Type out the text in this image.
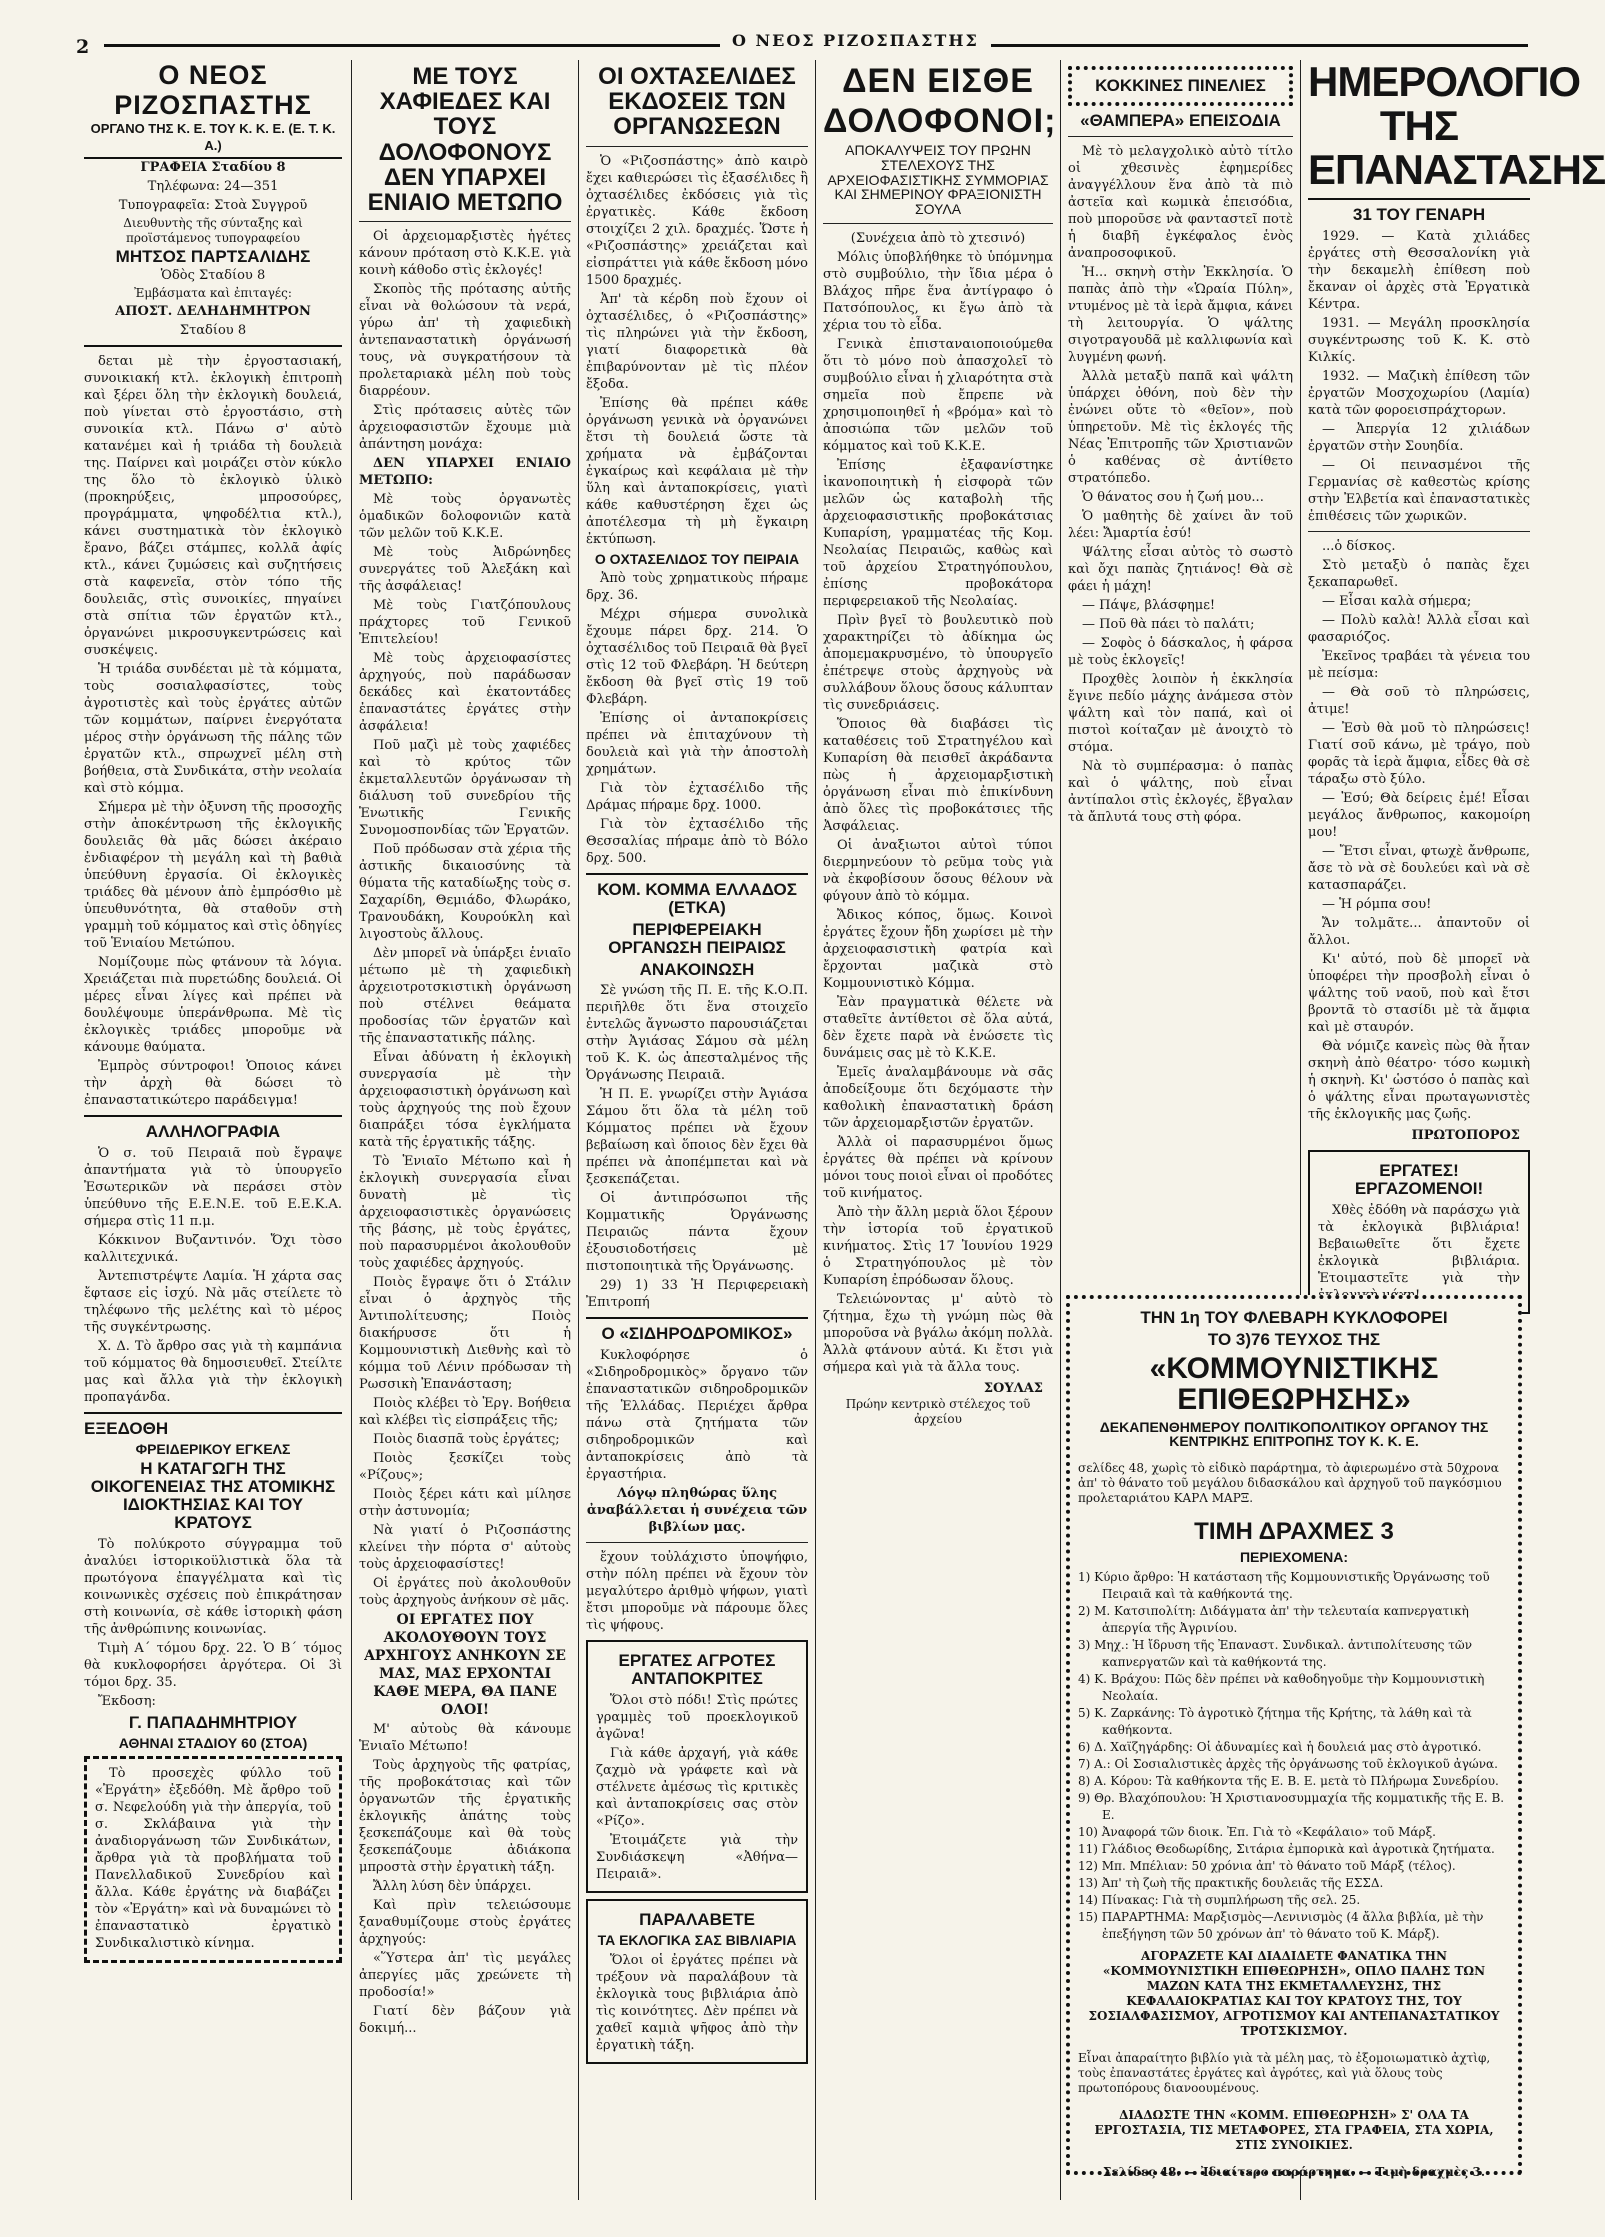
2	Ο ΝΕΟΣ ΡΙΖΟΣΠΑΣΤΗΣ
Ο ΝΕΟΣ ΡΙΖΟΣΠΑΣΤΗΣ
ΟΡΓΑΝΟ ΤΗΣ Κ. Ε. ΤΟΥ Κ. Κ. Ε. (Ε. Τ. Κ. Α.)

ΓΡΑΦΕΙΑ Σταδίου 8

Τηλέφωνα: 24—351

Τυπογραφεῖα: Στοὰ Συγγροῦ

Διευθυντὴς τῆς σύνταξης καὶ προϊστάμενος τυπογραφείου

ΜΗΤΣΟΣ ΠΑΡΤΣΑΛΙΔΗΣ

Ὁδὸς Σταδίου 8

Ἐμβάσματα καὶ ἐπιταγές:

ΑΠΟΣΤ. ΔΕΛΗΔΗΜΗΤΡΟΝ

Σταδίου 8

δεται μὲ τὴν ἐργοστασιακή, συνοικιακή κτλ. ἐκλογικὴ ἐπιτροπὴ καὶ ξέρει ὅλη τὴν ἐκλογικὴ δουλειά, ποὺ γίνεται στὸ ἐργοστάσιο, στὴ συνοικία κτλ. Πάνω σ' αὐτὸ κατανέμει καὶ ἡ τριάδα τὴ δουλειὰ της. Παίρνει καὶ μοιράζει στὸν κύκλο της ὅλο τὸ ἐκλογικὸ ὑλικὸ (προκηρύξεις, μπροσούρες, προγράμματα, ψηφοδέλτια κτλ.), κάνει συστηματικὰ τὸν ἐκλογικὸ ἔρανο, βάζει στάμπες, κολλᾶ ἀφίς κτλ., κάνει ζυμώσεις καὶ συζητήσεις στὰ καφενεῖα, στὸν τόπο τῆς δουλειᾶς, στὶς συνοικίες, πηγαίνει στὰ σπίτια τῶν ἐργατῶν κτλ., ὀργανώνει μικροσυγκεντρώσεις καὶ συσκέψεις.

Ἡ τριάδα συνδέεται μὲ τὰ κόμματα, τοὺς σοσιαλφασίστες, τοὺς ἀγροτιστὲς καὶ τοὺς ἐργάτες αὐτῶν τῶν κομμάτων, παίρνει ἐνεργότατα μέρος στὴν ὀργάνωση τῆς πάλης τῶν ἐργατῶν κτλ., σπρωχνεῖ μέλη στὴ βοήθεια, στὰ Συνδικάτα, στὴν νεολαία καὶ στὸ κόμμα.

Σήμερα μὲ τὴν ὀξυνση τῆς προσοχῆς στὴν ἀποκέντρωση τῆς ἐκλογικῆς δουλειᾶς θὰ μᾶς δώσει ἀκέραιο ἐνδιαφέρον τὴ μεγάλη καὶ τὴ βαθιὰ ὑπεύθυνη ἐργασία. Οἱ ἐκλογικὲς τριάδες θὰ μένουν ἀπὸ ἐμπρόσθιο μὲ ὑπευθυνότητα, θὰ σταθοῦν στὴ γραμμὴ τοῦ κόμματος καὶ στὶς ὁδηγίες τοῦ Ἑνιαίου Μετώπου.

Νομίζουμε πὼς φτάνουν τὰ λόγια. Χρειάζεται πιὰ πυρετώδης δουλειά. Οἱ μέρες εἶναι λίγες καὶ πρέπει νὰ δουλέψουμε ὑπεράνθρωπα. Μὲ τὶς ἐκλογικὲς τριάδες μποροῦμε νὰ κάνουμε θαύματα.

Ἐμπρὸς σύντροφοι! Ὁποιος κάνει τὴν ἀρχὴ θὰ δώσει τὸ ἐπαναστατικώτερο παράδειγμα!

ΑΛΛΗΛΟΓΡΑΦΙΑ

Ὁ σ. τοῦ Πειραιᾶ ποὺ ἔγραψε ἀπαντήματα γιὰ τὸ ὑπουργεῖο Ἐσωτερικῶν νὰ περάσει στὸν ὑπεύθυνο τῆς Ε.Ε.Ν.Ε. τοῦ Ε.Ε.Κ.Α. σήμερα στὶς 11 π.μ.

Κόκκινον Βυζαντινόν. Ὄχι τὸσο καλλιτεχνικά.

Ἀντεπιστρέψτε Λαμία. Ἡ χάρτα σας ἔφτασε εἰς ἰσχύ. Νὰ μᾶς στείλετε τὸ τηλέφωνο τῆς μελέτης καὶ τὸ μέρος τῆς συγκέντρωσης.

Χ. Δ. Τὸ ἄρθρο σας γιὰ τὴ καμπάνια τοῦ κόμματος θὰ δημοσιευθεῖ. Στείλτε μας καὶ ἄλλα γιὰ τὴν ἐκλογικὴ προπαγάνδα.

ΕΞΕΔΟΘΗ
ΦΡΕΙΔΕΡΙΚΟΥ ΕΓΚΕΛΣ
Η ΚΑΤΑΓΩΓΗ ΤΗΣ ΟΙΚΟΓΕΝΕΙΑΣ ΤΗΣ ΑΤΟΜΙΚΗΣ ΙΔΙΟΚΤΗΣΙΑΣ ΚΑΙ ΤΟΥ ΚΡΑΤΟΥΣ

Τὸ πολύκροτο σύγγραμμα τοῦ ἀναλύει ἱστορικοϋλιστικὰ ὅλα τὰ πρωτόγονα ἐπαγγέλματα καὶ τὶς κοινωνικὲς σχέσεις ποὺ ἐπικράτησαν στὴ κοινωνία, σὲ κάθε ἱστορικὴ φάση τῆς ἀνθρώπινης κοινωνίας.

Τιμὴ Α΄ τόμου δρχ. 22. Ὁ Β΄ τόμος θὰ κυκλοφορήσει ἀργότερα. Οἱ 3ὶ τόμοι δρχ. 35.

Ἔκδοση:

Γ. ΠΑΠΑΔΗΜΗΤΡΙΟΥ
ΑΘΗΝΑΙ ΣΤΑΔΙΟΥ 60 (ΣΤΟΑ)

Τὸ προσεχὲς φύλλο τοῦ «Ἐργάτη» ἐξεδόθη. Μὲ ἄρθρο τοῦ σ. Νεφελούδη γιὰ τὴν ἀπεργία, τοῦ σ. Σκλάβαινα γιὰ τὴν ἀναδιοργάνωση τῶν Συνδικάτων, ἄρθρα γιὰ τὰ προβλήματα τοῦ Πανελλαδικοῦ Συνεδρίου καὶ ἄλλα. Κάθε ἐργάτης νὰ διαβάζει τὸν «Ἐργάτη» καὶ νὰ δυναμώνει τὸ ἐπαναστατικὸ ἐργατικὸ Συνδικαλιστικὸ κίνημα.

ΜΕ ΤΟΥΣ ΧΑΦΙΕΔΕΣ ΚΑΙ ΤΟΥΣ ΔΟΛΟΦΟΝΟΥΣ ΔΕΝ ΥΠΑΡΧΕΙ ΕΝΙΑΙΟ ΜΕΤΩΠΟ

Οἱ ἀρχειομαρξιστὲς ἡγέτες κάνουν πρόταση στὸ Κ.Κ.Ε. γιὰ κοινὴ κάθοδο στὶς ἐκλογές!

Σκοπὸς τῆς πρότασης αὐτῆς εἶναι νὰ θολώσουν τὰ νερά, γύρω ἀπ' τὴ χαφιεδικὴ ἀντεπαναστατικὴ ὀργάνωσή τους, νὰ συγκρατήσουν τὰ προλεταριακὰ μέλη ποὺ τοὺς διαρρέουν.

Στὶς πρότασεις αὐτὲς τῶν ἀρχειοφασιστῶν ἔχουμε μιὰ ἀπάντηση μονάχα:

ΔΕΝ ΥΠΑΡΧΕΙ ΕΝΙΑΙΟ ΜΕΤΩΠΟ:

Μὲ τοὺς ὀργανωτὲς ὁμαδικῶν δολοφονιῶν κατὰ τῶν μελῶν τοῦ Κ.Κ.Ε.

Μὲ τοὺς Ἀιδρώνηδες συνεργάτες τοῦ Ἀλεξάκη καὶ τῆς ἀσφάλειας!

Μὲ τοὺς Γιατζόπουλους πράχτορες τοῦ Γενικοῦ Ἐπιτελείου!

Μὲ τοὺς ἀρχειοφασίστες ἀρχηγούς, ποὺ παράδωσαν δεκάδες καὶ ἑκατοντάδες ἐπαναστάτες ἐργάτες στὴν ἀσφάλεια!

Ποῦ μαζὶ μὲ τοὺς χαφιέδες καὶ τὸ κρύτος τῶν ἐκμεταλλευτῶν ὀργάνωσαν τὴ διάλυση τοῦ συνεδρίου τῆς Ἑνωτικῆς Γενικῆς Συνομοσπονδίας τῶν Ἐργατῶν.

Ποῦ πρόδωσαν στὰ χέρια τῆς ἀστικῆς δικαιοσύνης τὰ θύματα τῆς καταδίωξης τοὺς σ. Σαχαρίδη, Θεμιάδο, Φλωράκο, Τρανουδάκη, Κουρούκλη καὶ λιγοστοὺς ἄλλους.

Δὲν μπορεῖ νὰ ὑπάρξει ἑνιαῖο μέτωπο μὲ τὴ χαφιεδικὴ ἀρχειοτροτσκιστικὴ ὀργάνωση ποὺ στέλνει θεάματα προδοσίας τῶν ἐργατῶν καὶ τῆς ἐπαναστατικῆς πάλης.

Εἶναι ἀδύνατη ἡ ἐκλογικὴ συνεργασία μὲ τὴν ἀρχειοφασιστικὴ ὀργάνωση καὶ τοὺς ἀρχηγούς της ποὺ ἔχουν διαπράξει τόσα ἐγκλήματα κατὰ τῆς ἐργατικῆς τάξης.

Τὸ Ἑνιαῖο Μέτωπο καὶ ἡ ἐκλογικὴ συνεργασία εἶναι δυνατὴ μὲ τὶς ἀρχειοφασιστικὲς ὀργανώσεις τῆς βάσης, μὲ τοὺς ἐργάτες, ποὺ παρασυρμένοι ἀκολουθοῦν τοὺς χαφιέδες ἀρχηγούς.

Ποιὸς ἔγραψε ὅτι ὁ Στάλιν εἶναι ὁ ἀρχηγὸς τῆς Ἀντιπολίτευσης; Ποιὸς διακήρυσσε ὅτι ἡ Κομμουνιστικὴ Διεθνὴς καὶ τὸ κόμμα τοῦ Λένιν πρόδωσαν τὴ Ρωσσικὴ Ἐπανάσταση;

Ποιὸς κλέβει τὸ Ἐργ. Βοήθεια καὶ κλέβει τὶς εἰσπράξεις τῆς;

Ποιὸς διασπᾶ τοὺς ἐργάτες;

Ποιὸς ξεσκίζει τοὺς «Ρίζους»;

Ποιὸς ξέρει κάτι καὶ μίλησε στὴν ἀστυνομία;

Νὰ γιατί ὁ Ριζοσπάστης κλείνει τὴν πόρτα σ' αὐτοὺς τοὺς ἀρχειοφασίστες!

Οἱ ἐργάτες ποὺ ἀκολουθοῦν τοὺς ἀρχηγοὺς ἀνήκουν σὲ μᾶς.

ΟΙ ΕΡΓΑΤΕΣ ΠΟΥ ΑΚΟΛΟΥΘΟΥΝ ΤΟΥΣ ΑΡΧΗΓΟΥΣ ΑΝΗΚΟΥΝ ΣΕ ΜΑΣ, ΜΑΣ ΕΡΧΟΝΤΑΙ ΚΑΘΕ ΜΕΡΑ, ΘΑ ΠΑΝΕ ΟΛΟΙ!

Μ' αὐτοὺς θὰ κάνουμε Ἑνιαῖο Μέτωπο!

Τοὺς ἀρχηγοὺς τῆς φατρίας, τῆς προβοκάτσιας καὶ τῶν ὀργανωτῶν τῆς ἐργατικῆς ἐκλογικῆς ἀπάτης τοὺς ξεσκεπάζουμε καὶ θὰ τοὺς ξεσκεπάζουμε ἀδιάκοπα μπροστὰ στὴν ἐργατικὴ τάξη.

Ἄλλη λύση δὲν ὑπάρχει.

Καὶ πρὶν τελειώσουμε ξαναθυμίζουμε στοὺς ἐργάτες ἀρχηγούς:

«Ὕστερα ἀπ' τὶς μεγάλες ἀπεργίες μᾶς χρεώνετε τὴ προδοσία!»

Γιατί δὲν βάζουν γιὰ δοκιμή...

ΟΙ ΟΧΤΑΣΕΛΙΔΕΣ ΕΚΔΟΣΕΙΣ ΤΩΝ ΟΡΓΑΝΩΣΕΩΝ

Ὁ «Ριζοσπάστης» ἀπὸ καιρὸ ἔχει καθιερώσει τὶς ἐξασέλιδες ἢ ὀχτασέλιδες ἐκδόσεις γιὰ τὶς ἐργατικὲς. Κάθε ἔκδοση στοιχίζει 2 χιλ. δραχμές. Ὥστε ἡ «Ριζοσπάστης» χρειάζεται καὶ εἰσπράττει γιὰ κάθε ἔκδοση μόνο 1500 δραχμές.

Ἀπ' τὰ κέρδη ποὺ ἔχουν οἱ ὀχτασέλιδες, ὁ «Ριζοσπάστης» τὶς πληρώνει γιὰ τὴν ἔκδοση, γιατί διαφορετικὰ θὰ ἐπιβαρύνονταν μὲ τὶς πλέον ἔξοδα.

Ἐπίσης θὰ πρέπει κάθε ὀργάνωση γενικὰ νὰ ὀργανώνει ἔτσι τὴ δουλειά ὥστε τὰ χρήματα νὰ ἐμβάζονται ἐγκαίρως καὶ κεφάλαια μὲ τὴν ὕλη καὶ ἀνταποκρίσεις, γιατὶ κάθε καθυστέρηση ἔχει ὡς ἀποτέλεσμα τὴ μὴ ἔγκαιρη ἐκτύπωση.

Ο ΟΧΤΑΣΕΛΙΔΟΣ ΤΟΥ ΠΕΙΡΑΙΑ

Ἀπὸ τοὺς χρηματικοὺς πήραμε δρχ. 36.

Μέχρι σήμερα συνολικὰ ἔχουμε πάρει δρχ. 214. Ὁ ὀχτασέλιδος τοῦ Πειραιᾶ θὰ βγεῖ στὶς 12 τοῦ Φλεβάρη. Ἡ δεύτερη ἔκδοση θὰ βγεῖ στὶς 19 τοῦ Φλεβάρη.

Ἐπίσης οἱ ἀνταποκρίσεις πρέπει νὰ ἐπιταχύνουν τὴ δουλειὰ καὶ γιὰ τὴν ἀποστολὴ χρημάτων.

Γιὰ τὸν ἐχτασέλιδο τῆς Δράμας πήραμε δρχ. 1000.

Γιὰ τὸν ἐχτασέλιδο τῆς Θεσσαλίας πήραμε ἀπὸ τὸ Βόλο δρχ. 500.

ΚΟΜ. ΚΟΜΜΑ ΕΛΛΑΔΟΣ (ΕΤΚΑ)
ΠΕΡΙΦΕΡΕΙΑΚΗ ΟΡΓΑΝΩΣΗ ΠΕΙΡΑΙΩΣ
ΑΝΑΚΟΙΝΩΣΗ

Σὲ γνώση τῆς Π. Ε. τῆς Κ.Ο.Π. περιῆλθε ὅτι ἕνα στοιχεῖο ἐντελῶς ἄγνωστο παρουσιάζεται στὴν Ἀγιάσας Σάμου σὰ μέλη τοῦ Κ. Κ. ὡς ἀπεσταλμένος τῆς Ὀργάνωσης Πειραιᾶ.

Ἡ Π. Ε. γνωρίζει στὴν Ἀγιάσα Σάμου ὅτι ὅλα τὰ μέλη τοῦ Κόμματος πρέπει νὰ ἔχουν βεβαίωση καὶ ὅποιος δὲν ἔχει θὰ πρέπει νὰ ἀποπέμπεται καὶ νὰ ξεσκεπάζεται.

Οἱ ἀντιπρόσωποι τῆς Κομματικῆς Ὀργάνωσης Πειραιῶς πάντα ἔχουν ἐξουσιοδοτήσεις μὲ πιστοποιητικὰ τῆς Ὀργάνωσης.

29) 1) 33 Ἡ Περιφερειακὴ Ἐπιτροπή

Ο «ΣΙΔΗΡΟΔΡΟΜΙΚΟΣ»

Κυκλοφόρησε ὁ «Σιδηροδρομικὸς» ὄργανο τῶν ἐπαναστατικῶν σιδηροδρομικῶν τῆς Ἑλλάδας. Περιέχει ἄρθρα πάνω στὰ ζητήματα τῶν σιδηροδρομικῶν καὶ ἀνταποκρίσεις ἀπὸ τὰ ἐργαστήρια.

Λόγῳ πληθώρας ὕλης ἀναβάλλεται ἡ συνέχεια τῶν βιβλίων μας.

ἔχουν τοὐλάχιστο ὑποψήφιο, στὴν πόλη πρέπει νὰ ἔχουν τὸν μεγαλύτερο ἀριθμὸ ψήφων, γιατὶ ἔτσι μποροῦμε νὰ πάρουμε ὅλες τὶς ψήφους.

ΕΡΓΑΤΕΣ ΑΓΡΟΤΕΣ ΑΝΤΑΠΟΚΡΙΤΕΣ

Ὅλοι στὸ πόδι! Στὶς πρώτες γραμμὲς τοῦ προεκλογικοῦ ἀγῶνα!

Γιὰ κάθε ἀρχαγή, γιὰ κάθε ζαχμὸ νὰ γράφετε καὶ νὰ στέλνετε ἀμέσως τὶς κριτικὲς καὶ ἀνταποκρίσεις σας στὸν «Ρίζο».

Ἐτοιμάζετε γιὰ τὴν Συνδιάσκεψη «Ἀθήνα—Πειραιᾶ».

ΠΑΡΑΛΑΒΕΤΕ
ΤΑ ΕΚΛΟΓΙΚΑ ΣΑΣ ΒΙΒΛΙΑΡΙΑ

Ὅλοι οἱ ἐργάτες πρέπει νὰ τρέξουν νὰ παραλάβουν τὰ ἐκλογικὰ τους βιβλιάρια ἀπὸ τὶς κοινότητες. Δὲν πρέπει νὰ χαθεῖ καμιὰ ψῆφος ἀπὸ τὴν ἐργατικὴ τάξη.

ΔΕΝ ΕΙΣΘΕ
ΔΟΛΟΦΟΝΟΙ;
ΑΠΟΚΑΛΥΨΕΙΣ ΤΟΥ ΠΡΩΗΝ ΣΤΕΛΕΧΟΥΣ ΤΗΣ ΑΡΧΕΙΟΦΑΣΙΣΤΙΚΗΣ ΣΥΜΜΟΡΙΑΣ ΚΑΙ ΣΗΜΕΡΙΝΟΥ ΦΡΑΞΙΟΝΙΣΤΗ ΣΟΥΛΑ

(Συνέχεια ἀπὸ τὸ χτεσινό)

Μόλις ὑποβλήθηκε τὸ ὑπόμνημα στὸ συμβούλιο, τὴν ἴδια μέρα ὁ Βλάχος πῆρε ἕνα ἀντίγραφο ὁ Πατσόπουλος, κι ἔγω ἀπὸ τὰ χέρια του τὸ εἶδα.

Γενικὰ ἐπισταναιοποιούμεθα ὅτι τὸ μόνο ποὺ ἀπασχολεῖ τὸ συμβούλιο εἶναι ἡ χλιαρότητα στὰ σημεῖα ποὺ ἔπρεπε νὰ χρησιμοποιηθεῖ ἡ «βρόμα» καὶ τὸ ἀποσιώπα τῶν μελῶν τοῦ κόμματος καὶ τοῦ Κ.Κ.Ε.

Ἐπίσης ἐξαφανίστηκε ἰκανοποιητικὴ ἡ εἰσφορὰ τῶν μελῶν ὡς καταβολὴ τῆς ἀρχειοφασιστικῆς προβοκάτσιας Κυπαρίση, γραμματέας τῆς Κομ. Νεολαίας Πειραιῶς, καθὼς καὶ τοῦ ἀρχείου Στρατηγόπουλου, ἐπίσης προβοκάτορα περιφερειακοῦ τῆς Νεολαίας.

Πρὶν βγεῖ τὸ βουλευτικὸ ποὺ χαρακτηρίζει τὸ ἀδίκημα ὡς ἀπομεμακρυσμένο, τὸ ὑπουργεῖο ἐπέτρεψε στοὺς ἀρχηγοὺς νὰ συλλάβουν ὅλους ὅσους κάλυπταν τὶς συνεδριάσεις.

Ὅποιος θὰ διαβάσει τὶς καταθέσεις τοῦ Στρατηγέλου καὶ Κυπαρίση θὰ πεισθεῖ ἀκράδαντα πὼς ἡ ἀρχειομαρξιστικὴ ὀργάνωση εἶναι πιὸ ἐπικίνδυνη ἀπὸ ὅλες τὶς προβοκάτσιες τῆς Ἀσφάλειας.

Οἱ ἀναξιωτοι αὐτοὶ τύποι διερμηνεύουν τὸ ρεῦμα τοὺς γιὰ νὰ ἐκφοβίσουν ὅσους θέλουν νὰ φύγουν ἀπὸ τὸ κόμμα.

Ἄδικος κόπος, ὅμως. Κοινοὶ ἐργάτες ἔχουν ἤδη χωρίσει μὲ τὴν ἀρχειοφασιστικὴ φατρία καὶ ἔρχονται μαζικὰ στὸ Κομμουνιστικὸ Κόμμα.

Ἐὰν πραγματικὰ θέλετε νὰ σταθεῖτε ἀντίθετοι σὲ ὅλα αὐτά, δὲν ἔχετε παρὰ νὰ ἐνώσετε τὶς δυνάμεις σας μὲ τὸ Κ.Κ.Ε.

Ἐμεῖς ἀναλαμβάνουμε νὰ σᾶς ἀποδείξουμε ὅτι δεχόμαστε τὴν καθολικὴ ἐπαναστατικὴ δράση τῶν ἀρχειομαρξιστῶν ἐργατῶν.

Ἀλλὰ οἱ παρασυρμένοι ὅμως ἐργάτες θὰ πρέπει νὰ κρίνουν μόνοι τους ποιοὶ εἶναι οἱ προδότες τοῦ κινήματος.

Ἀπὸ τὴν ἄλλη μεριὰ ὅλοι ξέρουν τὴν ἱστορία τοῦ ἐργατικοῦ κινήματος. Στὶς 17 Ἰουνίου 1929 ὁ Στρατηγόπουλος μὲ τὸν Κυπαρίση ἐπρόδωσαν ὅλους.

Τελειώνοντας μ' αὐτὸ τὸ ζήτημα, ἔχω τὴ γνώμη πὼς θὰ μποροῦσα νὰ βγάλω ἀκόμη πολλὰ. Ἀλλὰ φτάνουν αὐτά. Κι ἔτσι γιὰ σήμερα καὶ γιὰ τὰ ἄλλα τους.

ΣΟΥΛΑΣ

Πρώην κεντρικὸ στέλεχος τοῦ ἀρχείου

ΚΟΚΚΙΝΕΣ ΠΙΝΕΛΙΕΣ
«ΘΑΜΠΕΡΑ» ΕΠΕΙΣΟΔΙΑ

Μὲ τὸ μελαγχολικὸ αὐτὸ τίτλο οἱ χθεσινὲς ἐφημερίδες ἀναγγέλλουν ἕνα ἀπὸ τὰ πιὸ ἀστεῖα καὶ κωμικὰ ἐπεισόδια, ποὺ μποροῦσε νὰ φανταστεῖ ποτὲ ἡ διαβῆ ἐγκέφαλος ἑνὸς ἀναπροσοφικοῦ.

Ἡ... σκηνὴ στὴν Ἐκκλησία. Ὁ παπὰς ἀπὸ τὴν «Ὡραία Πύλη», ντυμένος μὲ τὰ ἱερὰ ἄμφια, κάνει τὴ λειτουργία. Ὁ ψάλτης σιγοτραγουδᾶ μὲ καλλιφωνία καὶ λυγμένη φωνή.

Ἀλλὰ μεταξὺ παπᾶ καὶ ψάλτη ὑπάρχει ὀθόνη, ποὺ δὲν τὴν ἐνώνει οὔτε τὸ «θεῖον», ποὺ ὑπηρετοῦν. Μὲ τὶς ἐκλογές τῆς Νέας Ἐπιτροπῆς τῶν Χριστιανῶν ὁ καθένας σὲ ἀντίθετο στρατόπεδο.

Ὁ θάνατος σου ἡ ζωή μου...

Ὁ μαθητὴς δὲ χαίνει ἂν τοῦ λέει: Ἄμαρτία ἐσύ!

Ψάλτης εἶσαι αὐτὸς τὸ σωστὸ καὶ ὄχι παπὰς ζητιάνος! Θὰ σὲ φάει ἡ μάχη!

— Πάψε, βλάσφημε!

— Ποῦ θὰ πάει τὸ παλάτι;

— Σοφὸς ὁ δάσκαλος, ἡ φάρσα μὲ τοὺς ἐκλογεῖς!

Προχθὲς λοιπὸν ἡ ἐκκλησία ἔγινε πεδίο μάχης ἀνάμεσα στὸν ψάλτη καὶ τὸν παπά, καὶ οἱ πιστοὶ κοίταζαν μὲ ἀνοιχτὸ τὸ στόμα.

Νὰ τὸ συμπέρασμα: ὁ παπὰς καὶ ὁ ψάλτης, ποὺ εἶναι ἀντίπαλοι στὶς ἐκλογές, ἔβγαλαν τὰ ἄπλυτά τους στὴ φόρα.

ΗΜΕΡΟΛΟΓΙΟ ΤΗΣ ΕΠΑΝΑΣΤΑΣΗΣ
31 ΤΟΥ ΓΕΝΑΡΗ

1929. — Κατὰ χιλιάδες ἐργάτες στὴ Θεσσαλονίκη γιὰ τὴν δεκαμελὴ ἐπίθεση ποὺ ἔκαναν οἱ ἀρχὲς στὰ Ἐργατικὰ Κέντρα.

1931. — Μεγάλη προσκλησία συγκέντρωσης τοῦ Κ. Κ. στὸ Κιλκίς.

1932. — Μαζικὴ ἐπίθεση τῶν ἐργατῶν Μοσχοχωρίου (Λαμία) κατὰ τῶν φοροεισπράχτορων.

— Ἀπεργία 12 χιλιάδων ἐργατῶν στὴν Σουηδία.

— Οἱ πεινασμένοι τῆς Γερμανίας σὲ καθεστὼς κρίσης στὴν Ἐλβετία καὶ ἐπαναστατικὲς ἐπιθέσεις τῶν χωρικῶν.

...ὁ δίσκος.

Στὸ μεταξὺ ὁ παπὰς ἔχει ξεκαπαρωθεῖ.

— Εἶσαι καλὰ σήμερα;

— Πολὺ καλὰ! Ἀλλὰ εἶσαι καὶ φασαριόζος.

Ἐκεῖνος τραβάει τὰ γένεια του μὲ πείσμα:

— Θὰ σοῦ τὸ πληρώσεις, ἀτιμε!

— Ἐσὺ θὰ μοῦ τὸ πληρώσεις! Γιατί σοῦ κάνω, μὲ τράγο, ποὺ φορᾶς τὰ ἱερὰ ἄμφια, εἶδες θὰ σὲ τάραξω στὸ ξύλο.

— Ἐσύ; Θὰ δείρεις ἐμέ! Εἶσαι μεγάλος ἄνθρωπος, κακομοίρη μου!

— Ἔτσι εἶναι, φτωχὲ ἄνθρωπε, ἄσε τὸ νὰ σὲ δουλεύει καὶ νὰ σὲ κατασπαράζει.

— Ἡ ρόμπα σου!

Ἄν τολμᾶτε... ἀπαντοῦν οἱ ἄλλοι.

Κι' αὐτό, ποὺ δὲ μπορεῖ νὰ ὑποφέρει τὴν προσβολὴ εἶναι ὁ ψάλτης τοῦ ναοῦ, ποὺ καὶ ἔτσι βροντᾶ τὸ στασίδι μὲ τὰ ἄμφια καὶ μὲ σταυρόν.

Θὰ νόμιζε κανεὶς πὼς θὰ ἦταν σκηνὴ ἀπὸ θέατρο· τόσο κωμικὴ ἡ σκηνὴ. Κι' ὡστόσο ὁ παπὰς καὶ ὁ ψάλτης εἶναι πρωταγωνιστὲς τῆς ἐκλογικῆς μας ζωῆς.

ΠΡΩΤΟΠΟΡΟΣ
ΕΡΓΑΤΕΣ! ΕΡΓΑΖΟΜΕΝΟΙ!

Χθὲς ἐδόθη νὰ παράσχω γιὰ τὰ ἐκλογικὰ βιβλιάρια! Βεβαιωθεῖτε ὅτι ἔχετε ἐκλογικὰ βιβλιάρια. Ἑτοιμαστεῖτε γιὰ τὴν

ΤΗΝ 1η ΤΟΥ ΦΛΕΒΑΡΗ ΚΥΚΛΟΦΟΡΕΙ
ΤΟ 3)76 ΤΕΥΧΟΣ ΤΗΣ
«ΚΟΜΜΟΥΝΙΣΤΙΚΗΣ ΕΠΙΘΕΩΡΗΣΗΣ»
ΔΕΚΑΠΕΝΘΗΜΕΡΟΥ ΠΟΛΙΤΙΚΟΠΟΛΙΤΙΚΟΥ ΟΡΓΑΝΟΥ ΤΗΣ ΚΕΝΤΡΙΚΗΣ ΕΠΙΤΡΟΠΗΣ ΤΟΥ Κ. Κ. Ε.

σελίδες 48, χωρὶς τὸ εἰδικὸ παράρτημα, τὸ ἀφιερωμένο στὰ 50χρονα ἀπ' τὸ θάνατο τοῦ μεγάλου διδασκάλου καὶ ἀρχηγοῦ τοῦ παγκόσμιου προλεταριάτου ΚΑΡΛ ΜΑΡΞ.

ΤΙΜΗ ΔΡΑΧΜΕΣ 3
ΠΕΡΙΕΧΟΜΕΝΑ:
1) Κύριο ἄρθρο: Ἡ κατάσταση τῆς Κομμουνιστικῆς Ὀργάνωσης τοῦ Πειραιᾶ καὶ τὰ καθήκοντά της.
2) Μ. Κατσιπολίτη: Διδάγματα ἀπ' τὴν τελευταία καπνεργατικὴ ἀπεργία τῆς Ἀγρινίου.
3) Μηχ.: Ἡ ἴδρυση τῆς Ἐπαναστ. Συνδικαλ. ἀντιπολίτευσης τῶν καπνεργατῶν καὶ τὰ καθήκοντά της.
4) Κ. Βράχου: Πῶς δὲν πρέπει νὰ καθοδηγοῦμε τὴν Κομμουνιστικὴ Νεολαία.
5) Κ. Ζαρκάνης: Τὸ ἀγροτικὸ ζήτημα τῆς Κρήτης, τὰ λάθη καὶ τὰ καθήκοντα.
6) Δ. Χαϊζηγάρδης: Οἱ ἀδυναμίες καὶ ἡ δουλειά μας στὸ ἀγροτικό.
7) Α.: Οἱ Σοσιαλιστικὲς ἀρχὲς τῆς ὀργάνωσης τοῦ ἐκλογικοῦ ἀγώνα.
8) Α. Κόρου: Τὰ καθήκοντα τῆς Ε. Β. Ε. μετὰ τὸ Πλήρωμα Συνεδρίου.
9) Θρ. Βλαχόπουλου: Ἡ Χριστιανοσυμμαχία τῆς κομματικῆς τῆς Ε. Β. Ε.
10) Ἀναφορά τῶν διοικ. Ἐπ. Γιὰ τὸ «Κεφάλαιο» τοῦ Μάρξ.
11) Γλάδιος Θεοδωρίδης, Σιτάρια ἐμπορικὰ καὶ ἀγροτικὰ ζητήματα.
12) Μπ. Μπέλιαν: 50 χρόνια ἀπ' τὸ θάνατο τοῦ Μάρξ (τέλος).
13) Ἀπ' τὴ ζωὴ τῆς πρακτικῆς δουλειᾶς τῆς ΕΣΣΔ.
14) Πίνακας: Γιὰ τὴ συμπλήρωση τῆς σελ. 25.
15) ΠΑΡΑΡΤΗΜΑ: Μαρξισμὸς—Λενινισμὸς (4 ἄλλα βιβλία, μὲ τὴν ἐπεξήγηση τῶν 50 χρόνων ἀπ' τὸ θάνατο τοῦ Κ. Μάρξ).

ΑΓΟΡΑΖΕΤΕ ΚΑΙ ΔΙΑΔΙΔΕΤΕ ΦΑΝΑΤΙΚΑ ΤΗΝ «ΚΟΜΜΟΥΝΙΣΤΙΚΗ ΕΠΙΘΕΩΡΗΣΗ», ΟΠΛΟ ΠΑΛΗΣ ΤΩΝ ΜΑΖΩΝ ΚΑΤΑ ΤΗΣ ΕΚΜΕΤΑΛΛΕΥΣΗΣ, ΤΗΣ ΚΕΦΑΛΑΙΟΚΡΑΤΙΑΣ ΚΑΙ ΤΟΥ ΚΡΑΤΟΥΣ ΤΗΣ, ΤΟΥ ΣΟΣΙΑΛΦΑΣΙΣΜΟΥ, ΑΓΡΟΤΙΣΜΟΥ ΚΑΙ ΑΝΤΕΠΑΝΑΣΤΑΤΙΚΟΥ ΤΡΟΤΣΚΙΣΜΟΥ.

Εἶναι ἀπαραίτητο βιβλίο γιὰ τὰ μέλη μας, τὸ ἐξομοιωματικὸ ἀχτὶφ, τοὺς ἐπαναστάτες ἐργάτες καὶ ἀγρότες, καὶ γιὰ ὅλους τοὺς πρωτοπόρους διανοουμένους.

ΔΙΑΔΩΣΤΕ ΤΗΝ «ΚΟΜΜ. ΕΠΙΘΕΩΡΗΣΗ» Σ' ΟΛΑ ΤΑ ΕΡΓΟΣΤΑΣΙΑ, ΤΙΣ ΜΕΤΑΦΟΡΕΣ, ΣΤΑ ΓΡΑΦΕΙΑ, ΣΤΑ ΧΩΡΙΑ, ΣΤΙΣ ΣΥΝΟΙΚΙΕΣ.

Σελίδες 48. — Ἰδιαίτερο παράρτημα. — Τιμὴ δραχμὲς 3.
